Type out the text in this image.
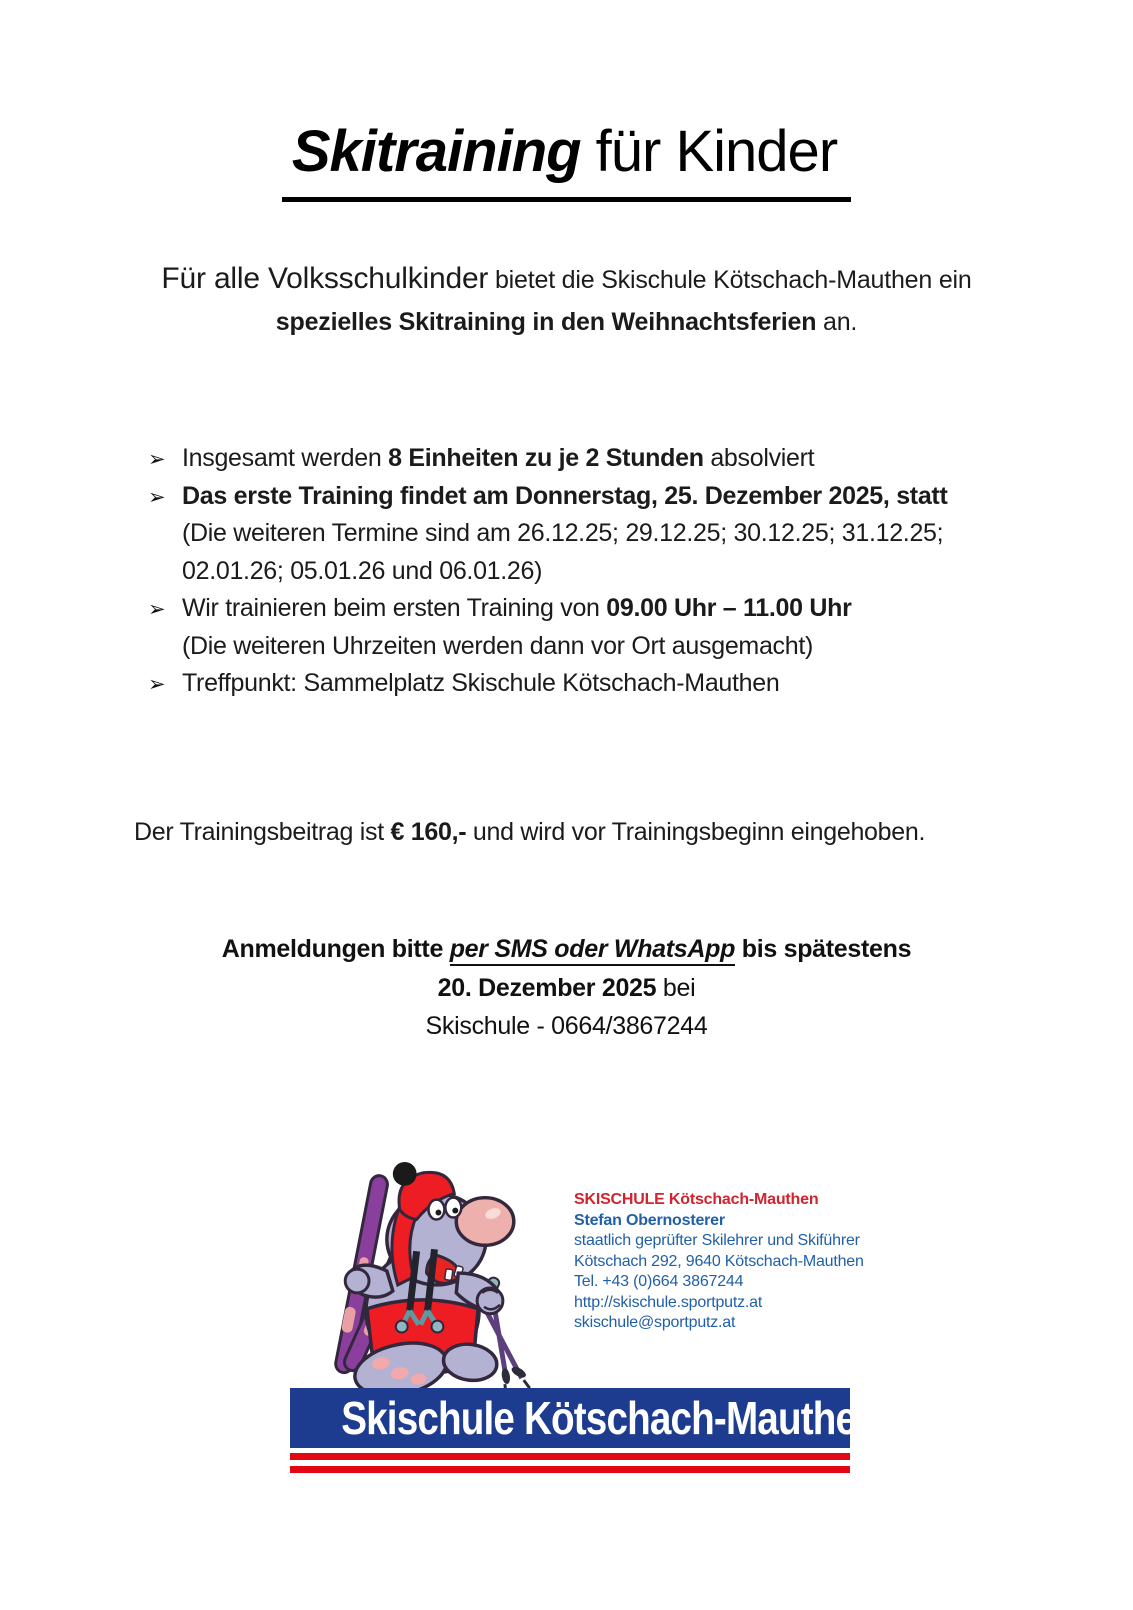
Skitraining für Kinder
Für alle Volksschulkinder bietet die Skischule Kötschach-Mauthen ein
spezielles Skitraining in den Weihnachtsferien an.
➢ Insgesamt werden 8 Einheiten zu je 2 Stunden absolviert
➢ Das erste Training findet am Donnerstag, 25. Dezember 2025, statt
(Die weiteren Termine sind am 26.12.25; 29.12.25; 30.12.25; 31.12.25;
02.01.26; 05.01.26 und 06.01.26)
➢ Wir trainieren beim ersten Training von 09.00 Uhr – 11.00 Uhr
(Die weiteren Uhrzeiten werden dann vor Ort ausgemacht)
➢ Treffpunkt: Sammelplatz Skischule Kötschach-Mauthen
Der Trainingsbeitrag ist € 160,- und wird vor Trainingsbeginn eingehoben.
Anmeldungen bitte per SMS oder WhatsApp bis spätestens
20. Dezember 2025 bei
Skischule - 0664/3867244
SKISCHULE Kötschach-Mauthen
Stefan Obernosterer
staatlich geprüfter Skilehrer und Skiführer
Kötschach 292, 9640 Kötschach-Mauthen
Tel. +43 (0)664 3867244
http://skischule.sportputz.at
skischule@sportputz.at
Skischule Kötschach-Mauthen
